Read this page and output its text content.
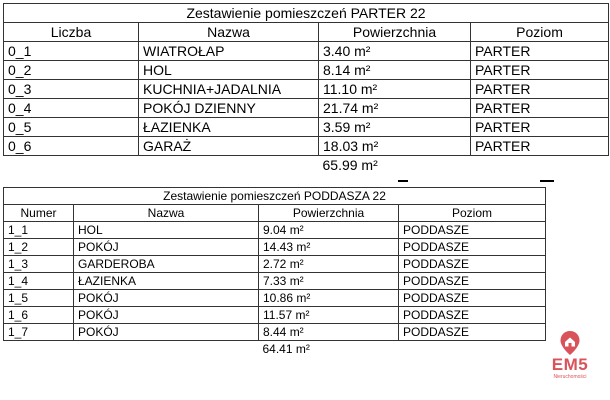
Zestawienie pomieszczeń PARTER 22			
Liczba	Nazwa	Powierzchnia	Poziom
0_1	WIATROŁAP	3.40 m²	PARTER
0_2	HOL	8.14 m²	PARTER
0_3	KUCHNIA+JADALNIA	11.10 m²	PARTER
0_4	POKÓJ DZIENNY	21.74 m²	PARTER
0_5	ŁAZIENKA	3.59 m²	PARTER
0_6	GARAŻ	18.03 m²	PARTER
		65.99 m²	
Zestawienie pomieszczeń PODDASZA 22			
Numer	Nazwa	Powierzchnia	Poziom
1_1	HOL	9.04 m²	PODDASZE
1_2	POKÓJ	14.43 m²	PODDASZE
1_3	GARDEROBA	2.72 m²	PODDASZE
1_4	ŁAZIENKA	7.33 m²	PODDASZE
1_5	POKÓJ	10.86 m²	PODDASZE
1_6	POKÓJ	11.57 m²	PODDASZE
1_7	POKÓJ	8.44 m²	PODDASZE
		64.41 m²	
EM5
Nieruchomości
